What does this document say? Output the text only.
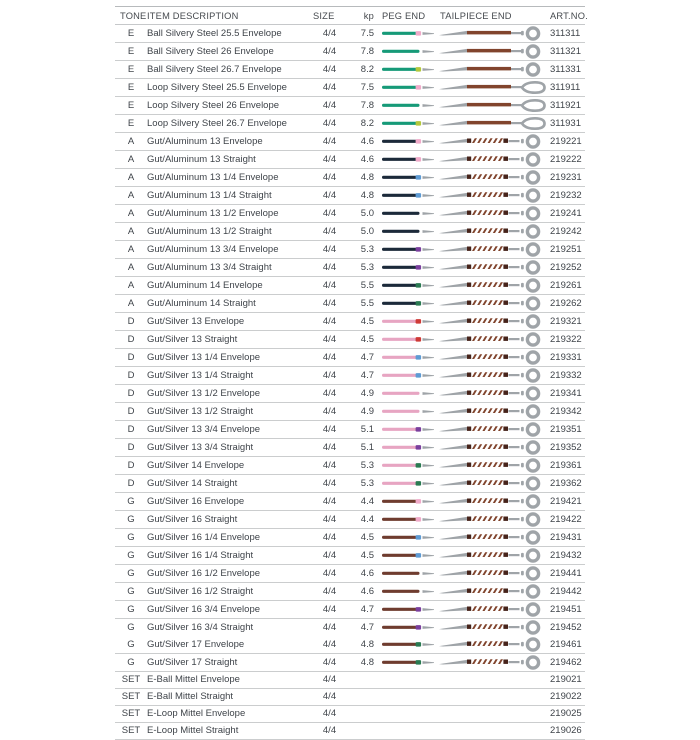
TONE	ITEM DESCRIPTION	SIZE	kp	PEG END	TAILPIECE END	ART.NO.
E	Ball Silvery Steel 25.5 Envelope	4/4	7.5			311311
E	Ball Silvery Steel 26 Envelope	4/4	7.8			311321
E	Ball Silvery Steel 26.7 Envelope	4/4	8.2			311331
E	Loop Silvery Steel 25.5 Envelope	4/4	7.5			311911
E	Loop Silvery Steel 26 Envelope	4/4	7.8			311921
E	Loop Silvery Steel 26.7 Envelope	4/4	8.2			311931
A	Gut/Aluminum 13 Envelope	4/4	4.6			219221
A	Gut/Aluminum 13 Straight	4/4	4.6			219222
A	Gut/Aluminum 13 1/4 Envelope	4/4	4.8			219231
A	Gut/Aluminum 13 1/4 Straight	4/4	4.8			219232
A	Gut/Aluminum 13 1/2 Envelope	4/4	5.0			219241
A	Gut/Aluminum 13 1/2 Straight	4/4	5.0			219242
A	Gut/Aluminum 13 3/4 Envelope	4/4	5.3			219251
A	Gut/Aluminum 13 3/4 Straight	4/4	5.3			219252
A	Gut/Aluminum 14 Envelope	4/4	5.5			219261
A	Gut/Aluminum 14 Straight	4/4	5.5			219262
D	Gut/Silver 13 Envelope	4/4	4.5			219321
D	Gut/Silver 13 Straight	4/4	4.5			219322
D	Gut/Silver 13 1/4 Envelope	4/4	4.7			219331
D	Gut/Silver 13 1/4 Straight	4/4	4.7			219332
D	Gut/Silver 13 1/2 Envelope	4/4	4.9			219341
D	Gut/Silver 13 1/2 Straight	4/4	4.9			219342
D	Gut/Silver 13 3/4 Envelope	4/4	5.1			219351
D	Gut/Silver 13 3/4 Straight	4/4	5.1			219352
D	Gut/Silver 14 Envelope	4/4	5.3			219361
D	Gut/Silver 14 Straight	4/4	5.3			219362
G	Gut/Silver 16 Envelope	4/4	4.4			219421
G	Gut/Silver 16 Straight	4/4	4.4			219422
G	Gut/Silver 16 1/4 Envelope	4/4	4.5			219431
G	Gut/Silver 16 1/4 Straight	4/4	4.5			219432
G	Gut/Silver 16 1/2 Envelope	4/4	4.6			219441
G	Gut/Silver 16 1/2 Straight	4/4	4.6			219442
G	Gut/Silver 16 3/4 Envelope	4/4	4.7			219451
G	Gut/Silver 16 3/4 Straight	4/4	4.7			219452
G	Gut/Silver 17 Envelope	4/4	4.8			219461
G	Gut/Silver 17 Straight	4/4	4.8			219462
SET	E-Ball Mittel Envelope	4/4				219021
SET	E-Ball Mittel Straight	4/4				219022
SET	E-Loop Mittel Envelope	4/4				219025
SET	E-Loop Mittel Straight	4/4				219026
